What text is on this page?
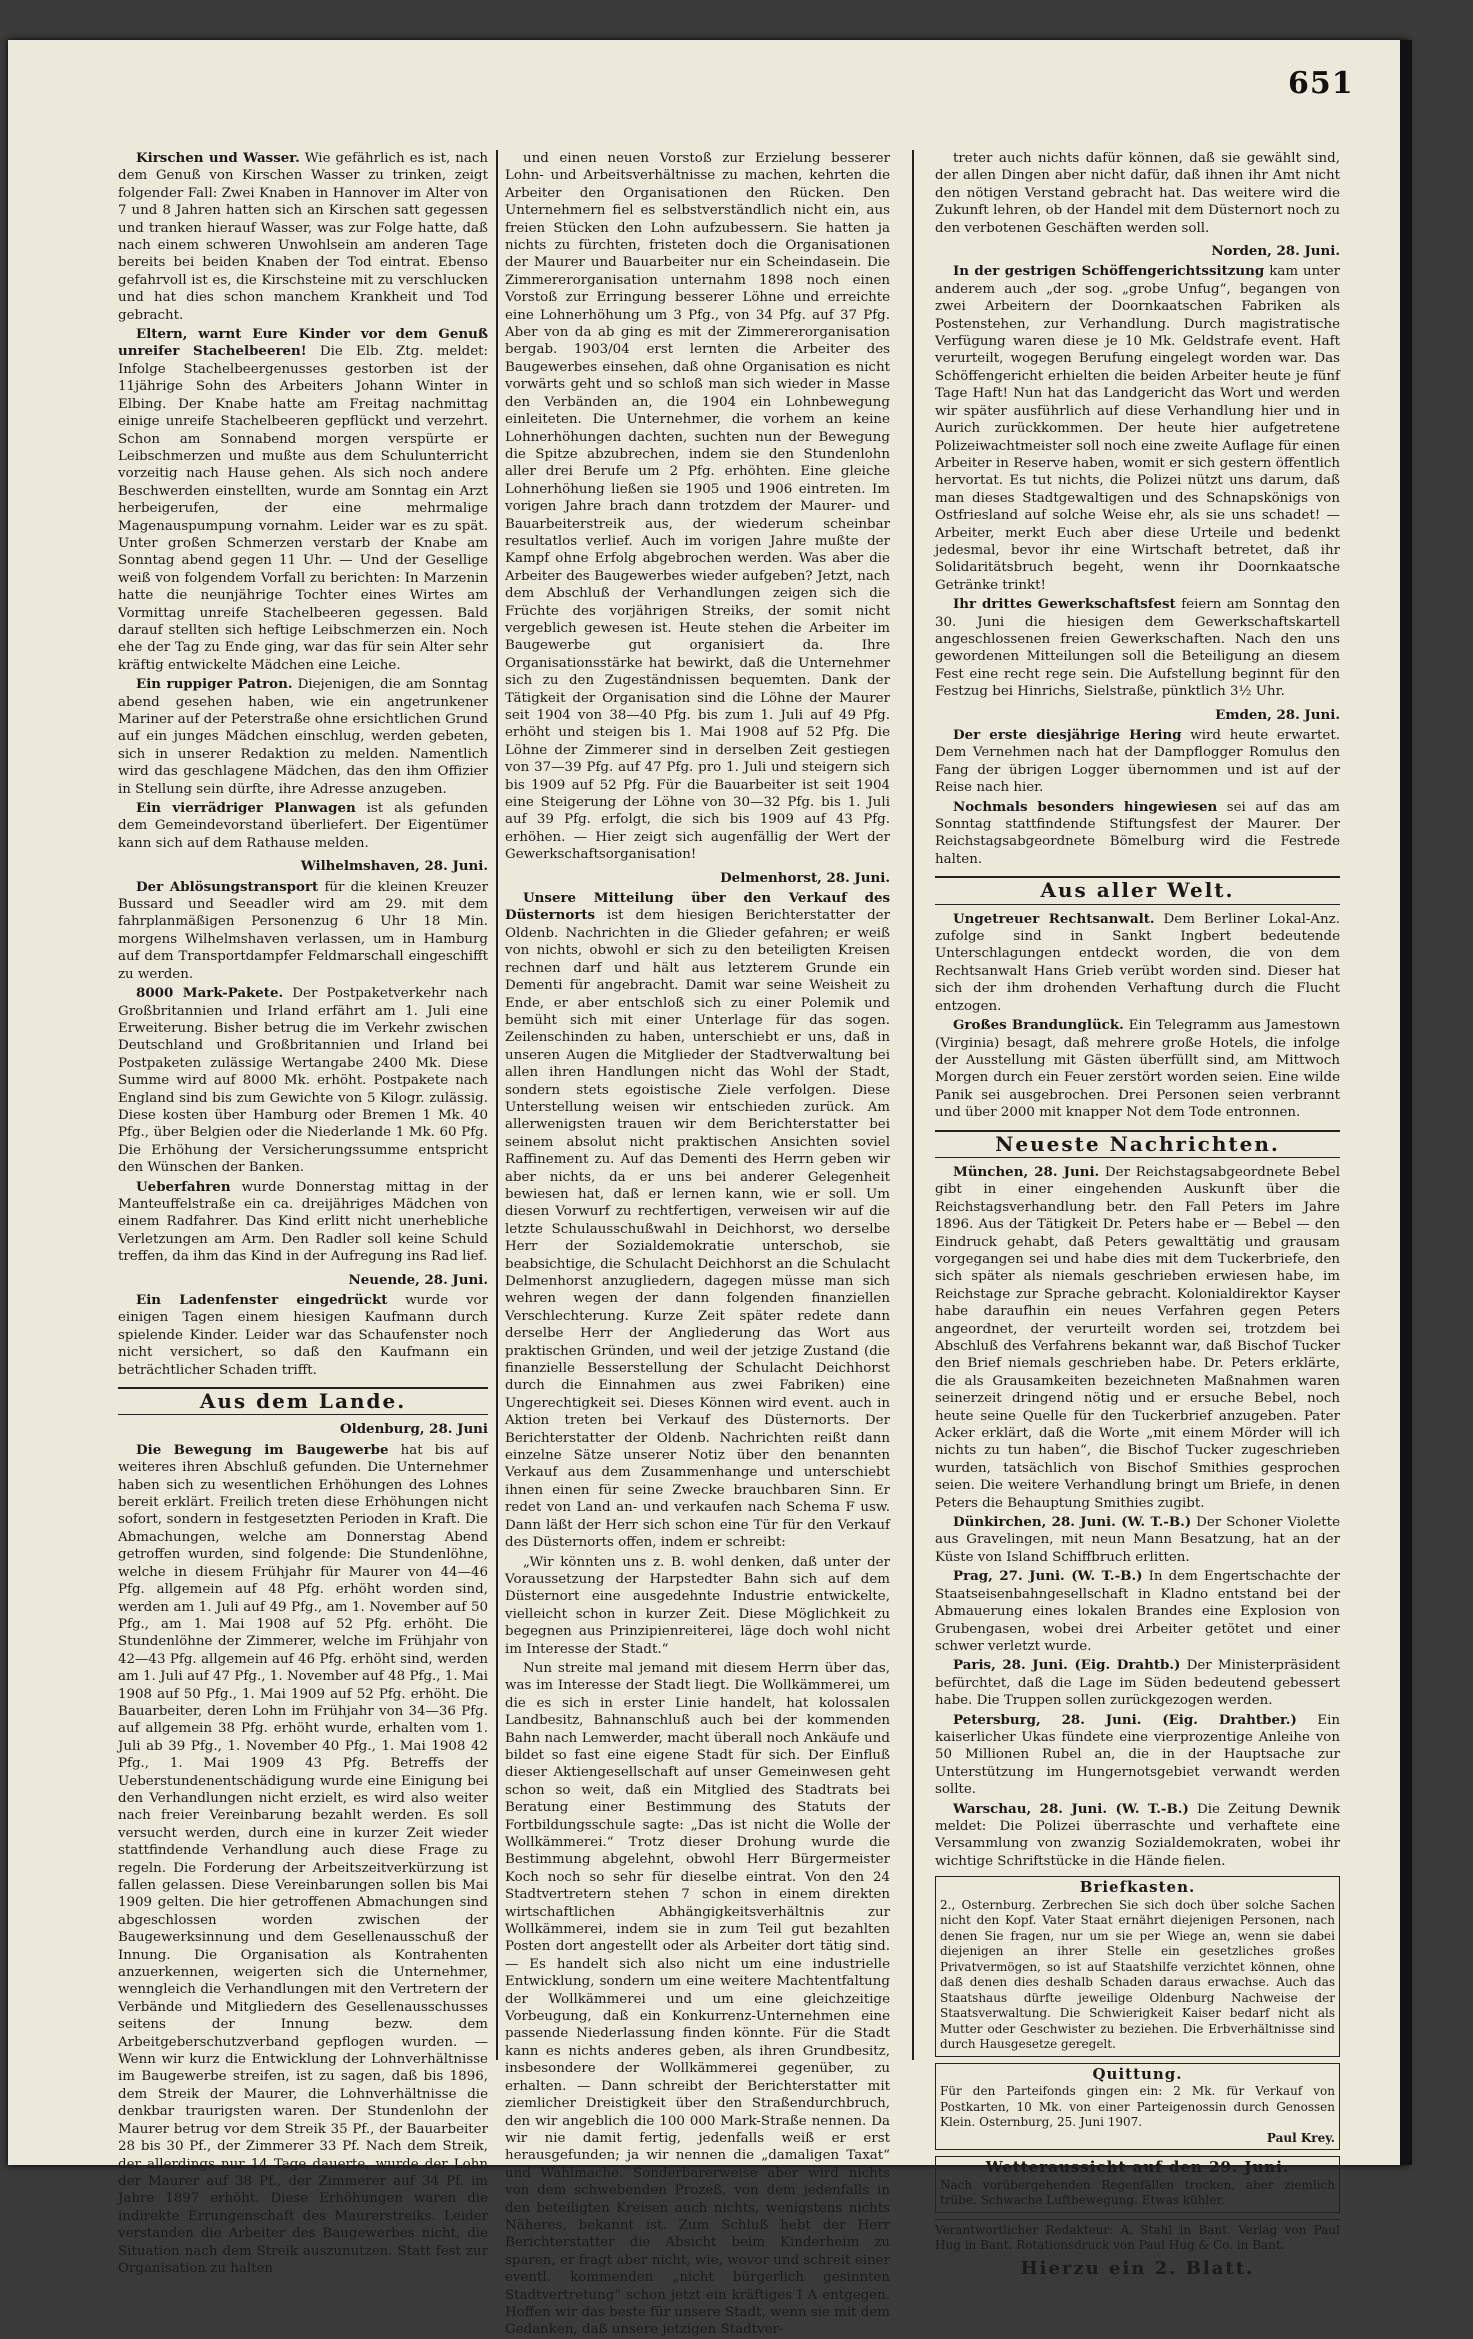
651

Kirschen und Wasser. Wie gefährlich es ist, nach dem Genuß von Kirschen Wasser zu trinken, zeigt folgender Fall: Zwei Knaben in Hannover im Alter von 7 und 8 Jahren hatten sich an Kirschen satt gegessen und tranken hierauf Wasser, was zur Folge hatte, daß nach einem schweren Unwohlsein am anderen Tage bereits bei beiden Knaben der Tod eintrat. Ebenso gefahrvoll ist es, die Kirschsteine mit zu verschlucken und hat dies schon manchem Krankheit und Tod gebracht.

Eltern, warnt Eure Kinder vor dem Genuß unreifer Stachelbeeren! Die Elb. Ztg. meldet: Infolge Stachelbeergenusses gestorben ist der 11jährige Sohn des Arbeiters Johann Winter in Elbing. Der Knabe hatte am Freitag nachmittag einige unreife Stachelbeeren gepflückt und verzehrt. Schon am Sonnabend morgen verspürte er Leibschmerzen und mußte aus dem Schulunterricht vorzeitig nach Hause gehen. Als sich noch andere Beschwerden einstellten, wurde am Sonntag ein Arzt herbeigerufen, der eine mehrmalige Magenauspumpung vornahm. Leider war es zu spät. Unter großen Schmerzen verstarb der Knabe am Sonntag abend gegen 11 Uhr. — Und der Gesellige weiß von folgendem Vorfall zu berichten: In Marzenin hatte die neunjährige Tochter eines Wirtes am Vormittag unreife Stachelbeeren gegessen. Bald darauf stellten sich heftige Leibschmerzen ein. Noch ehe der Tag zu Ende ging, war das für sein Alter sehr kräftig entwickelte Mädchen eine Leiche.

Ein ruppiger Patron. Diejenigen, die am Sonntag abend gesehen haben, wie ein angetrunkener Mariner auf der Peterstraße ohne ersichtlichen Grund auf ein junges Mädchen einschlug, werden gebeten, sich in unserer Redaktion zu melden. Namentlich wird das geschlagene Mädchen, das den ihm Offizier in Stellung sein dürfte, ihre Adresse anzugeben.

Ein vierrädriger Planwagen ist als gefunden dem Gemeindevorstand überliefert. Der Eigentümer kann sich auf dem Rathause melden.

Wilhelmshaven, 28. Juni.

Der Ablösungstransport für die kleinen Kreuzer Bussard und Seeadler wird am 29. mit dem fahrplanmäßigen Personenzug 6 Uhr 18 Min. morgens Wilhelmshaven verlassen, um in Hamburg auf dem Transportdampfer Feldmarschall eingeschifft zu werden.

8000 Mark-Pakete. Der Postpaketverkehr nach Großbritannien und Irland erfährt am 1. Juli eine Erweiterung. Bisher betrug die im Verkehr zwischen Deutschland und Großbritannien und Irland bei Postpaketen zulässige Wertangabe 2400 Mk. Diese Summe wird auf 8000 Mk. erhöht. Postpakete nach England sind bis zum Gewichte von 5 Kilogr. zulässig. Diese kosten über Hamburg oder Bremen 1 Mk. 40 Pfg., über Belgien oder die Niederlande 1 Mk. 60 Pfg. Die Erhöhung der Versicherungssumme entspricht den Wünschen der Banken.

Ueberfahren wurde Donnerstag mittag in der Manteuffelstraße ein ca. dreijähriges Mädchen von einem Radfahrer. Das Kind erlitt nicht unerhebliche Verletzungen am Arm. Den Radler soll keine Schuld treffen, da ihm das Kind in der Aufregung ins Rad lief.

Neuende, 28. Juni.

Ein Ladenfenster eingedrückt wurde vor einigen Tagen einem hiesigen Kaufmann durch spielende Kinder. Leider war das Schaufenster noch nicht versichert, so daß den Kaufmann ein beträchtlicher Schaden trifft.

Aus dem Lande.
Oldenburg, 28. Juni

Die Bewegung im Baugewerbe hat bis auf weiteres ihren Abschluß gefunden. Die Unternehmer haben sich zu wesentlichen Erhöhungen des Lohnes bereit erklärt. Freilich treten diese Erhöhungen nicht sofort, sondern in festgesetzten Perioden in Kraft. Die Abmachungen, welche am Donnerstag Abend getroffen wurden, sind folgende: Die Stundenlöhne, welche in diesem Frühjahr für Maurer von 44—46 Pfg. allgemein auf 48 Pfg. erhöht worden sind, werden am 1. Juli auf 49 Pfg., am 1. November auf 50 Pfg., am 1. Mai 1908 auf 52 Pfg. erhöht. Die Stundenlöhne der Zimmerer, welche im Frühjahr von 42—43 Pfg. allgemein auf 46 Pfg. erhöht sind, werden am 1. Juli auf 47 Pfg., 1. November auf 48 Pfg., 1. Mai 1908 auf 50 Pfg., 1. Mai 1909 auf 52 Pfg. erhöht. Die Bauarbeiter, deren Lohn im Frühjahr von 34—36 Pfg. auf allgemein 38 Pfg. erhöht wurde, erhalten vom 1. Juli ab 39 Pfg., 1. November 40 Pfg., 1. Mai 1908 42 Pfg., 1. Mai 1909 43 Pfg. Betreffs der Ueberstundenentschädigung wurde eine Einigung bei den Verhandlungen nicht erzielt, es wird also weiter nach freier Vereinbarung bezahlt werden. Es soll versucht werden, durch eine in kurzer Zeit wieder stattfindende Verhandlung auch diese Frage zu regeln. Die Forderung der Arbeitszeitverkürzung ist fallen gelassen. Diese Vereinbarungen sollen bis Mai 1909 gelten. Die hier getroffenen Abmachungen sind abgeschlossen worden zwischen der Baugewerksinnung und dem Gesellenausschuß der Innung. Die Organisation als Kontrahenten anzuerkennen, weigerten sich die Unternehmer, wenngleich die Verhandlungen mit den Vertretern der Verbände und Mitgliedern des Gesellenausschusses seitens der Innung bezw. dem Arbeitgeberschutzverband gepflogen wurden. — Wenn wir kurz die Entwicklung der Lohnverhältnisse im Baugewerbe streifen, ist zu sagen, daß bis 1896, dem Streik der Maurer, die Lohnverhältnisse die denkbar traurigsten waren. Der Stundenlohn der Maurer betrug vor dem Streik 35 Pf., der Bauarbeiter 28 bis 30 Pf., der Zimmerer 33 Pf. Nach dem Streik, der allerdings nur 14 Tage dauerte, wurde der Lohn der Maurer auf 38 Pf., der Zimmerer auf 34 Pf. im Jahre 1897 erhöht. Diese Erhöhungen waren die indirekte Errungenschaft des Maurerstreiks. Leider verstanden die Arbeiter des Baugewerbes nicht, die Situation nach dem Streik auszunutzen. Statt fest zur Organisation zu halten

und einen neuen Vorstoß zur Erzielung besserer Lohn- und Arbeitsverhältnisse zu machen, kehrten die Arbeiter den Organisationen den Rücken. Den Unternehmern fiel es selbstverständlich nicht ein, aus freien Stücken den Lohn aufzubessern. Sie hatten ja nichts zu fürchten, fristeten doch die Organisationen der Maurer und Bauarbeiter nur ein Scheindasein. Die Zimmererorganisation unternahm 1898 noch einen Vorstoß zur Erringung besserer Löhne und erreichte eine Lohnerhöhung um 3 Pfg., von 34 Pfg. auf 37 Pfg. Aber von da ab ging es mit der Zimmererorganisation bergab. 1903/04 erst lernten die Arbeiter des Baugewerbes einsehen, daß ohne Organisation es nicht vorwärts geht und so schloß man sich wieder in Masse den Verbänden an, die 1904 ein Lohnbewegung einleiteten. Die Unternehmer, die vorhem an keine Lohnerhöhungen dachten, suchten nun der Bewegung die Spitze abzubrechen, indem sie den Stundenlohn aller drei Berufe um 2 Pfg. erhöhten. Eine gleiche Lohnerhöhung ließen sie 1905 und 1906 eintreten. Im vorigen Jahre brach dann trotzdem der Maurer- und Bauarbeiterstreik aus, der wiederum scheinbar resultatlos verlief. Auch im vorigen Jahre mußte der Kampf ohne Erfolg abgebrochen werden. Was aber die Arbeiter des Baugewerbes wieder aufgeben? Jetzt, nach dem Abschluß der Verhandlungen zeigen sich die Früchte des vorjährigen Streiks, der somit nicht vergeblich gewesen ist. Heute stehen die Arbeiter im Baugewerbe gut organisiert da. Ihre Organisationsstärke hat bewirkt, daß die Unternehmer sich zu den Zugeständnissen bequemten. Dank der Tätigkeit der Organisation sind die Löhne der Maurer seit 1904 von 38—40 Pfg. bis zum 1. Juli auf 49 Pfg. erhöht und steigen bis 1. Mai 1908 auf 52 Pfg. Die Löhne der Zimmerer sind in derselben Zeit gestiegen von 37—39 Pfg. auf 47 Pfg. pro 1. Juli und steigern sich bis 1909 auf 52 Pfg. Für die Bauarbeiter ist seit 1904 eine Steigerung der Löhne von 30—32 Pfg. bis 1. Juli auf 39 Pfg. erfolgt, die sich bis 1909 auf 43 Pfg. erhöhen. — Hier zeigt sich augenfällig der Wert der Gewerkschaftsorganisation!

Delmenhorst, 28. Juni.

Unsere Mitteilung über den Verkauf des Düsternorts ist dem hiesigen Berichterstatter der Oldenb. Nachrichten in die Glieder gefahren; er weiß von nichts, obwohl er sich zu den beteiligten Kreisen rechnen darf und hält aus letzterem Grunde ein Dementi für angebracht. Damit war seine Weisheit zu Ende, er aber entschloß sich zu einer Polemik und bemüht sich mit einer Unterlage für das sogen. Zeilenschinden zu haben, unterschiebt er uns, daß in unseren Augen die Mitglieder der Stadtverwaltung bei allen ihren Handlungen nicht das Wohl der Stadt, sondern stets egoistische Ziele verfolgen. Diese Unterstellung weisen wir entschieden zurück. Am allerwenigsten trauen wir dem Berichterstatter bei seinem absolut nicht praktischen Ansichten soviel Raffinement zu. Auf das Dementi des Herrn geben wir aber nichts, da er uns bei anderer Gelegenheit bewiesen hat, daß er lernen kann, wie er soll. Um diesen Vorwurf zu rechtfertigen, verweisen wir auf die letzte Schulausschußwahl in Deichhorst, wo derselbe Herr der Sozialdemokratie unterschob, sie beabsichtige, die Schulacht Deichhorst an die Schulacht Delmenhorst anzugliedern, dagegen müsse man sich wehren wegen der dann folgenden finanziellen Verschlechterung. Kurze Zeit später redete dann derselbe Herr der Angliederung das Wort aus praktischen Gründen, und weil der jetzige Zustand (die finanzielle Besserstellung der Schulacht Deichhorst durch die Einnahmen aus zwei Fabriken) eine Ungerechtigkeit sei. Dieses Können wird event. auch in Aktion treten bei Verkauf des Düsternorts. Der Berichterstatter der Oldenb. Nachrichten reißt dann einzelne Sätze unserer Notiz über den benannten Verkauf aus dem Zusammenhange und unterschiebt ihnen einen für seine Zwecke brauchbaren Sinn. Er redet von Land an- und verkaufen nach Schema F usw. Dann läßt der Herr sich schon eine Tür für den Verkauf des Düsternorts offen, indem er schreibt:

„Wir könnten uns z. B. wohl denken, daß unter der Voraussetzung der Harpstedter Bahn sich auf dem Düsternort eine ausgedehnte Industrie entwickelte, vielleicht schon in kurzer Zeit. Diese Möglichkeit zu begegnen aus Prinzipienreiterei, läge doch wohl nicht im Interesse der Stadt.“

Nun streite mal jemand mit diesem Herrn über das, was im Interesse der Stadt liegt. Die Wollkämmerei, um die es sich in erster Linie handelt, hat kolossalen Landbesitz, Bahnanschluß auch bei der kommenden Bahn nach Lemwerder, macht überall noch Ankäufe und bildet so fast eine eigene Stadt für sich. Der Einfluß dieser Aktiengesellschaft auf unser Gemeinwesen geht schon so weit, daß ein Mitglied des Stadtrats bei Beratung einer Bestimmung des Statuts der Fortbildungsschule sagte: „Das ist nicht die Wolle der Wollkämmerei.“ Trotz dieser Drohung wurde die Bestimmung abgelehnt, obwohl Herr Bürgermeister Koch noch so sehr für dieselbe eintrat. Von den 24 Stadtvertretern stehen 7 schon in einem direkten wirtschaftlichen Abhängigkeitsverhältnis zur Wollkämmerei, indem sie in zum Teil gut bezahlten Posten dort angestellt oder als Arbeiter dort tätig sind. — Es handelt sich also nicht um eine industrielle Entwicklung, sondern um eine weitere Machtentfaltung der Wollkämmerei und um eine gleichzeitige Vorbeugung, daß ein Konkurrenz-Unternehmen eine passende Niederlassung finden könnte. Für die Stadt kann es nichts anderes geben, als ihren Grundbesitz, insbesondere der Wollkämmerei gegenüber, zu erhalten. — Dann schreibt der Berichterstatter mit ziemlicher Dreistigkeit über den Straßendurchbruch, den wir angeblich die 100 000 Mark-Straße nennen. Da wir nie damit fertig, jedenfalls weiß er erst herausgefunden; ja wir nennen die „damaligen Taxat“ und Wahlmache. Sonderbarerweise aber wird nichts von dem schwebenden Prozeß, von dem jedenfalls in den beteiligten Kreisen auch nichts, wenigstens nichts Näheres, bekannt ist. Zum Schluß hebt der Herr Berichterstatter die Absicht beim Kinderheim zu sparen, er fragt aber nicht, wie, wovor und schreit einer eventl. kommenden „nicht bürgerlich gesinnten Stadtvertretung“ schon jetzt ein kräftiges I A entgegen. Hoffen wir das beste für unsere Stadt, wenn sie mit dem Gedanken, daß unsere jetzigen Stadtver-

treter auch nichts dafür können, daß sie gewählt sind, der allen Dingen aber nicht dafür, daß ihnen ihr Amt nicht den nötigen Verstand gebracht hat. Das weitere wird die Zukunft lehren, ob der Handel mit dem Düsternort noch zu den verbotenen Geschäften werden soll.

Norden, 28. Juni.

In der gestrigen Schöffengerichtssitzung kam unter anderem auch „der sog. „grobe Unfug“, begangen von zwei Arbeitern der Doornkaatschen Fabriken als Postenstehen, zur Verhandlung. Durch magistratische Verfügung waren diese je 10 Mk. Geldstrafe event. Haft verurteilt, wogegen Berufung eingelegt worden war. Das Schöffengericht erhielten die beiden Arbeiter heute je fünf Tage Haft! Nun hat das Landgericht das Wort und werden wir später ausführlich auf diese Verhandlung hier und in Aurich zurückkommen. Der heute hier aufgetretene Polizeiwachtmeister soll noch eine zweite Auflage für einen Arbeiter in Reserve haben, womit er sich gestern öffentlich hervortat. Es tut nichts, die Polizei nützt uns darum, daß man dieses Stadtgewaltigen und des Schnapskönigs von Ostfriesland auf solche Weise ehr, als sie uns schadet! — Arbeiter, merkt Euch aber diese Urteile und bedenkt jedesmal, bevor ihr eine Wirtschaft betretet, daß ihr Solidaritätsbruch begeht, wenn ihr Doornkaatsche Getränke trinkt!

Ihr drittes Gewerkschaftsfest feiern am Sonntag den 30. Juni die hiesigen dem Gewerkschaftskartell angeschlossenen freien Gewerkschaften. Nach den uns gewordenen Mitteilungen soll die Beteiligung an diesem Fest eine recht rege sein. Die Aufstellung beginnt für den Festzug bei Hinrichs, Sielstraße, pünktlich 3½ Uhr.

Emden, 28. Juni.

Der erste diesjährige Hering wird heute erwartet. Dem Vernehmen nach hat der Dampflogger Romulus den Fang der übrigen Logger übernommen und ist auf der Reise nach hier.

Nochmals besonders hingewiesen sei auf das am Sonntag stattfindende Stiftungsfest der Maurer. Der Reichstagsabgeordnete Bömelburg wird die Festrede halten.

Aus aller Welt.

Ungetreuer Rechtsanwalt. Dem Berliner Lokal-Anz. zufolge sind in Sankt Ingbert bedeutende Unterschlagungen entdeckt worden, die von dem Rechtsanwalt Hans Grieb verübt worden sind. Dieser hat sich der ihm drohenden Verhaftung durch die Flucht entzogen.

Großes Brandunglück. Ein Telegramm aus Jamestown (Virginia) besagt, daß mehrere große Hotels, die infolge der Ausstellung mit Gästen überfüllt sind, am Mittwoch Morgen durch ein Feuer zerstört worden seien. Eine wilde Panik sei ausgebrochen. Drei Personen seien verbrannt und über 2000 mit knapper Not dem Tode entronnen.

Neueste Nachrichten.

München, 28. Juni. Der Reichstagsabgeordnete Bebel gibt in einer eingehenden Auskunft über die Reichstagsverhandlung betr. den Fall Peters im Jahre 1896. Aus der Tätigkeit Dr. Peters habe er — Bebel — den Eindruck gehabt, daß Peters gewalttätig und grausam vorgegangen sei und habe dies mit dem Tuckerbriefe, den sich später als niemals geschrieben erwiesen habe, im Reichstage zur Sprache gebracht. Kolonialdirektor Kayser habe daraufhin ein neues Verfahren gegen Peters angeordnet, der verurteilt worden sei, trotzdem bei Abschluß des Verfahrens bekannt war, daß Bischof Tucker den Brief niemals geschrieben habe. Dr. Peters erklärte, die als Grausamkeiten bezeichneten Maßnahmen waren seinerzeit dringend nötig und er ersuche Bebel, noch heute seine Quelle für den Tuckerbrief anzugeben. Pater Acker erklärt, daß die Worte „mit einem Mörder will ich nichts zu tun haben“, die Bischof Tucker zugeschrieben wurden, tatsächlich von Bischof Smithies gesprochen seien. Die weitere Verhandlung bringt um Briefe, in denen Peters die Behauptung Smithies zugibt.

Dünkirchen, 28. Juni. (W. T.-B.) Der Schoner Violette aus Gravelingen, mit neun Mann Besatzung, hat an der Küste von Island Schiffbruch erlitten.

Prag, 27. Juni. (W. T.-B.) In dem Engertschachte der Staatseisenbahngesellschaft in Kladno entstand bei der Abmauerung eines lokalen Brandes eine Explosion von Grubengasen, wobei drei Arbeiter getötet und einer schwer verletzt wurde.

Paris, 28. Juni. (Eig. Drahtb.) Der Ministerpräsident befürchtet, daß die Lage im Süden bedeutend gebessert habe. Die Truppen sollen zurückgezogen werden.

Petersburg, 28. Juni. (Eig. Drahtber.) Ein kaiserlicher Ukas fündete eine vierprozentige Anleihe von 50 Millionen Rubel an, die in der Hauptsache zur Unterstützung im Hungernotsgebiet verwandt werden sollte.

Warschau, 28. Juni. (W. T.-B.) Die Zeitung Dewnik meldet: Die Polizei überraschte und verhaftete eine Versammlung von zwanzig Sozialdemokraten, wobei ihr wichtige Schriftstücke in die Hände fielen.

Briefkasten.
2., Osternburg. Zerbrechen Sie sich doch über solche Sachen nicht den Kopf. Vater Staat ernährt diejenigen Personen, nach denen Sie fragen, nur um sie per Wiege an, wenn sie dabei diejenigen an ihrer Stelle ein gesetzliches großes Privatvermögen, so ist auf Staatshilfe verzichtet können, ohne daß denen dies deshalb Schaden daraus erwachse. Auch das Staatshaus dürfte jeweilige Oldenburg Nachweise der Staatsverwaltung. Die Schwierigkeit Kaiser bedarf nicht als Mutter oder Geschwister zu beziehen. Die Erbverhältnisse sind durch Hausgesetze geregelt.
Quittung.
Für den Parteifonds gingen ein: 2 Mk. für Verkauf von Postkarten, 10 Mk. von einer Parteigenossin durch Genossen Klein. Osternburg, 25. Juni 1907.
Paul Krey.
Wetteraussicht auf den 29. Juni.
Nach vorübergehenden Regenfällen trocken, aber ziemlich trübe. Schwache Luftbewegung. Etwas kühler.
Verantwortlicher Redakteur: A. Stahl in Bant. Verlag von Paul Hug in Bant. Rotationsdruck von Paul Hug & Co. in Bant.
Hierzu ein 2. Blatt.
